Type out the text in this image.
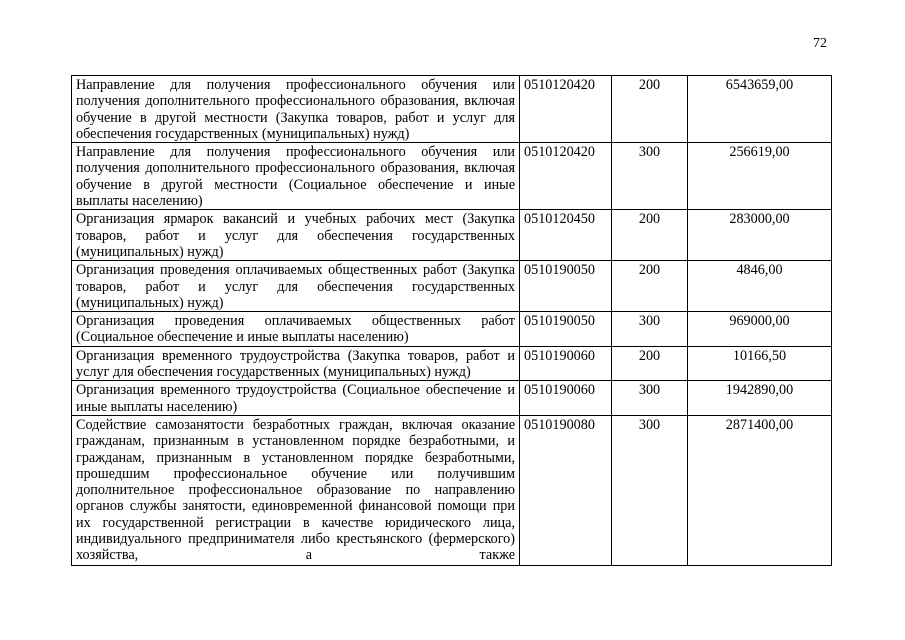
72
Направление для получения профессионального обучения или получения дополнительного профессионального образования, включая обучение в другой местности (Закупка товаров, работ и услуг для обеспечения государственных (муниципальных) нужд)	0510120420	200	6543659,00
Направление для получения профессионального обучения или получения дополнительного профессионального образования, включая обучение в другой местности (Социальное обеспечение и иные выплаты населению)	0510120420	300	256619,00
Организация ярмарок вакансий и учебных рабочих мест (Закупка товаров, работ и услуг для обеспечения государственных (муниципальных) нужд)	0510120450	200	283000,00
Организация проведения оплачиваемых общественных работ (Закупка товаров, работ и услуг для обеспечения государственных (муниципальных) нужд)	0510190050	200	4846,00
Организация проведения оплачиваемых общественных работ (Социальное обеспечение и иные выплаты населению)	0510190050	300	969000,00
Организация временного трудоустройства (Закупка товаров, работ и услуг для обеспечения государственных (муниципальных) нужд)	0510190060	200	10166,50
Организация временного трудоустройства (Социальное обеспечение и иные выплаты населению)	0510190060	300	1942890,00
Содействие самозанятости безработных граждан, включая оказание гражданам, признанным в установленном порядке безработными, и гражданам, признанным в установленном порядке безработными, прошедшим профессиональное обучение или получившим дополнительное профессиональное образование по направлению органов службы занятости, единовременной финансовой помощи при их государственной регистрации в качестве юридического лица, индивидуального предпринимателя либо крестьянского (фермерского) хозяйства, а также	0510190080	300	2871400,00
